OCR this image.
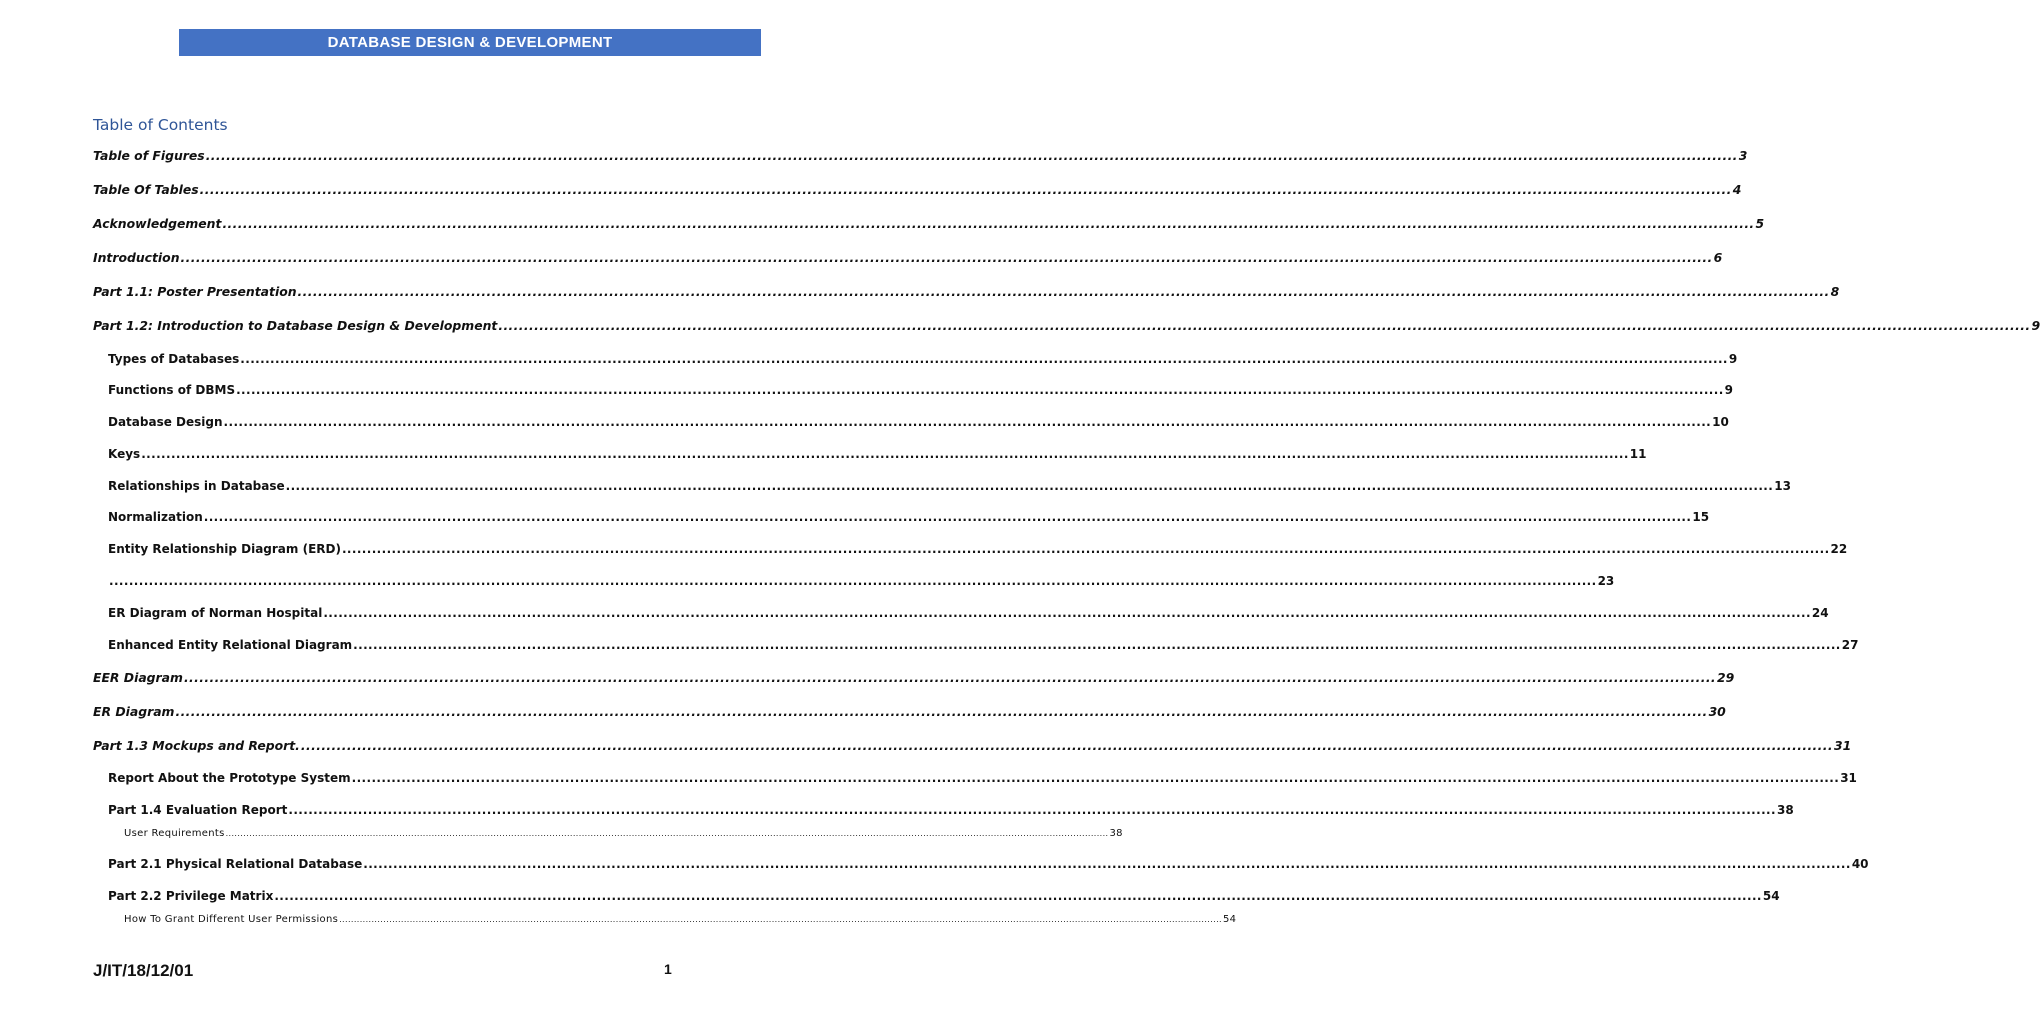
DATABASE DESIGN & DEVELOPMENT
Table of Contents
Table of Figures ............................................................................................................................................................................................................................................................................................................ 3
Table Of Tables ............................................................................................................................................................................................................................................................................................................ 4
Acknowledgement ............................................................................................................................................................................................................................................................................................................ 5
Introduction ............................................................................................................................................................................................................................................................................................................ 6
Part 1.1: Poster Presentation ............................................................................................................................................................................................................................................................................................................ 8
Part 1.2: Introduction to Database Design & Development ............................................................................................................................................................................................................................................................................................................ 9
Types of Databases ............................................................................................................................................................................................................................................................................................................ 9
Functions of DBMS ............................................................................................................................................................................................................................................................................................................ 9
Database Design ............................................................................................................................................................................................................................................................................................................ 10
Keys ............................................................................................................................................................................................................................................................................................................ 11
Relationships in Database ............................................................................................................................................................................................................................................................................................................ 13
Normalization ............................................................................................................................................................................................................................................................................................................ 15
Entity Relationship Diagram (ERD) ............................................................................................................................................................................................................................................................................................................ 22
............................................................................................................................................................................................................................................................................................................ 23
ER Diagram of Norman Hospital ............................................................................................................................................................................................................................................................................................................ 24
Enhanced Entity Relational Diagram ............................................................................................................................................................................................................................................................................................................ 27
EER Diagram ............................................................................................................................................................................................................................................................................................................ 29
ER Diagram ............................................................................................................................................................................................................................................................................................................ 30
Part 1.3 Mockups and Report. ............................................................................................................................................................................................................................................................................................................ 31
Report About the Prototype System ............................................................................................................................................................................................................................................................................................................ 31
Part 1.4 Evaluation Report ............................................................................................................................................................................................................................................................................................................ 38
User Requirements ............................................................................................................................................................................................................................................................................................................ 38
Part 2.1 Physical Relational Database ............................................................................................................................................................................................................................................................................................................ 40
Part 2.2 Privilege Matrix ............................................................................................................................................................................................................................................................................................................ 54
How To Grant Different User Permissions ............................................................................................................................................................................................................................................................................................................ 54
J/IT/18/12/01	1
